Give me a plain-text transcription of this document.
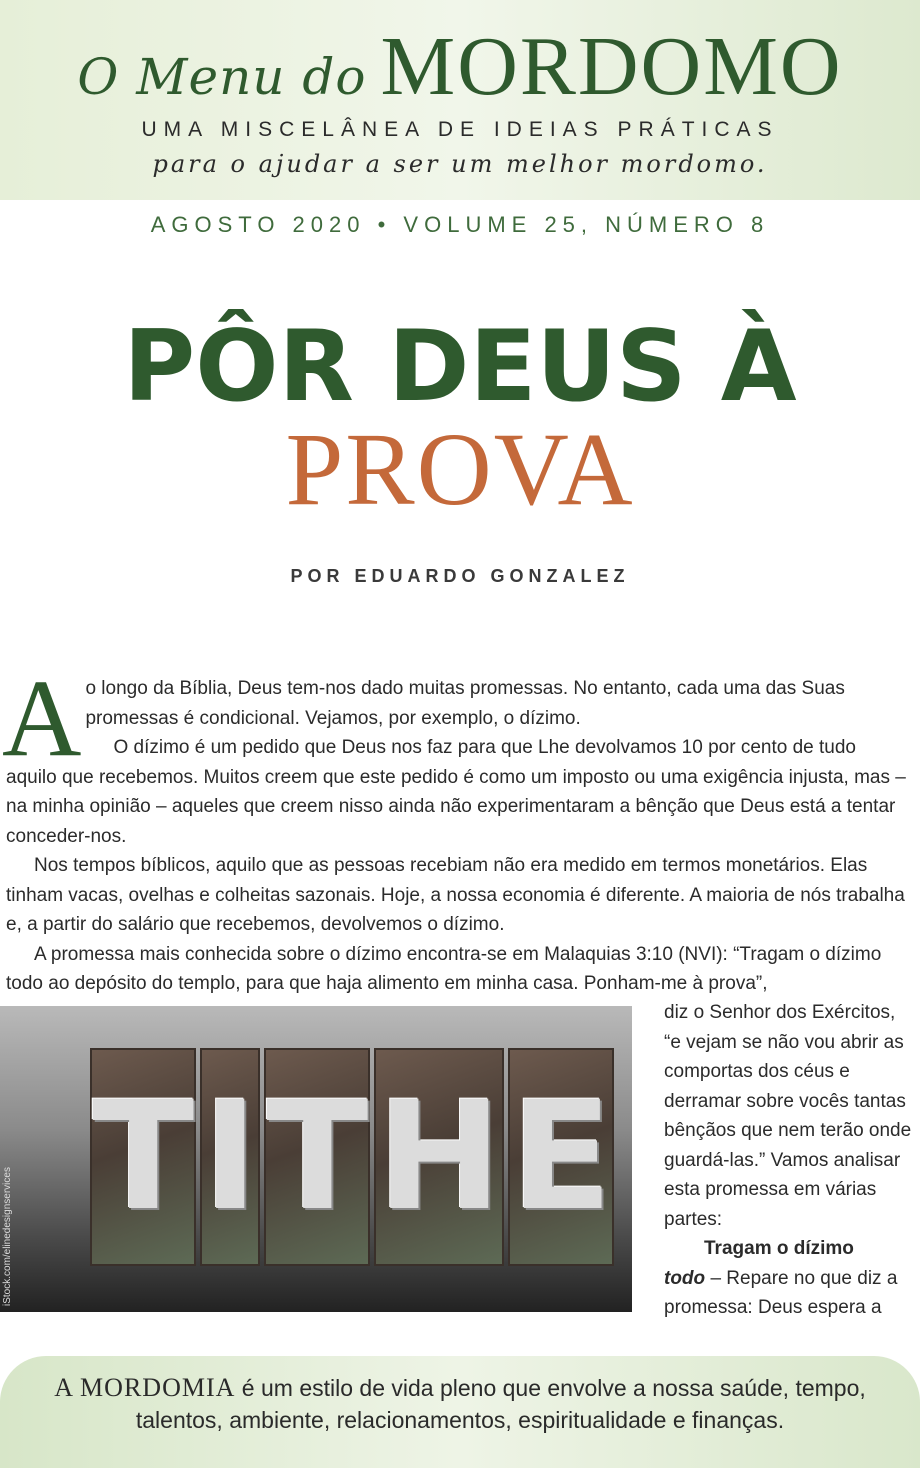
O Menu do MORDOMO
UMA MISCELÂNEA DE IDEIAS PRÁTICAS
para o ajudar a ser um melhor mordomo.
AGOSTO 2020 • VOLUME 25, NÚMERO 8
PÔR DEUS À
PROVA
POR EDUARDO GONZALEZ

Ao longo da Bíblia, Deus tem-nos dado muitas promessas. No entanto, cada uma das Suas promessas é condicional. Vejamos, por exemplo, o dízimo.

O dízimo é um pedido que Deus nos faz para que Lhe devolvamos 10 por cento de tudo aquilo que recebemos. Muitos creem que este pedido é como um imposto ou uma exigência injusta, mas – na minha opinião – aqueles que creem nisso ainda não experimentaram a bênção que Deus está a tentar conceder-nos.

Nos tempos bíblicos, aquilo que as pessoas recebiam não era medido em termos monetários. Elas tinham vacas, ovelhas e colheitas sazonais. Hoje, a nossa economia é diferente. A maioria de nós trabalha e, a partir do salário que recebemos, devolvemos o dízimo.

A promessa mais conhecida sobre o dízimo encontra-se em Malaquias 3:10 (NVI): “Tragam o dízimo todo ao depósito do templo, para que haja alimento em minha casa. Ponham-me à prova”,

T I T H E
iStock.com/elinedesignservices

diz o Senhor dos Exércitos, “e vejam se não vou abrir as comportas dos céus e derramar sobre vocês tantas bênçãos que nem terão onde guardá-las.” Vamos analisar esta promessa em várias partes:

Tragam o dízimo

todo – Repare no que diz a promessa: Deus espera a

A MORDOMIA é um estilo de vida pleno que envolve a nossa saúde, tempo, talentos, ambiente, relacionamentos, espiritualidade e finanças.
